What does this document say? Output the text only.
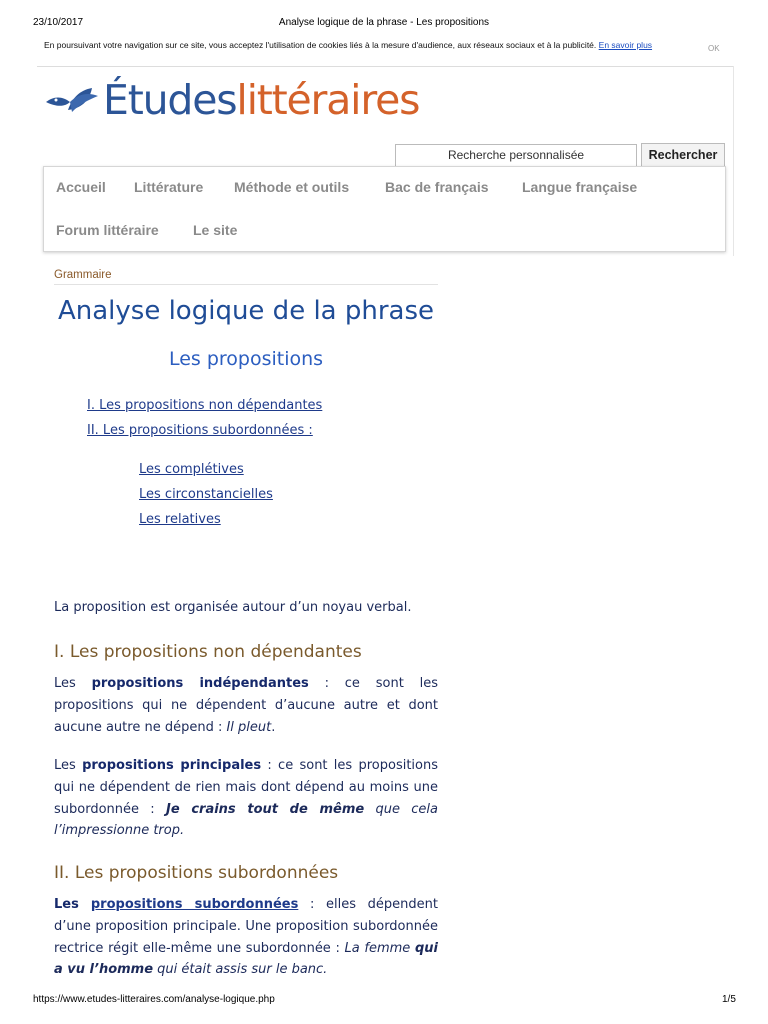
23/10/2017	Analyse logique de la phrase - Les propositions
En poursuivant votre navigation sur ce site, vous acceptez l'utilisation de cookies liés à la mesure d'audience, aux réseaux sociaux et à la publicité. En savoir plus	OK
Étudeslittéraires
Recherche personnalisée	Rechercher
Accueil Littérature Méthode et outils	Bac de français Langue française
Forum littéraire Le site
Grammaire
Analyse logique de la phrase
Les propositions
I. Les propositions non dépendantes
II. Les propositions subordonnées :
Les complétives
Les circonstancielles
Les relatives
La proposition est organisée autour d’un noyau verbal.
I. Les propositions non dépendantes
Les propositions indépendantes : ce sont les propositions qui ne dépendent d’aucune autre et dont aucune autre ne dépend : Il pleut.
Les propositions principales : ce sont les propositions qui ne dépendent de rien mais dont dépend au moins une subordonnée : Je crains tout de même que cela l’impressionne trop.
II. Les propositions subordonnées
Les propositions subordonnées : elles dépendent d’une proposition principale. Une proposition subordonnée rectrice régit elle-même une subordonnée : La femme qui a vu l’homme qui était assis sur le banc.
https://www.etudes-litteraires.com/analyse-logique.php	1/5
